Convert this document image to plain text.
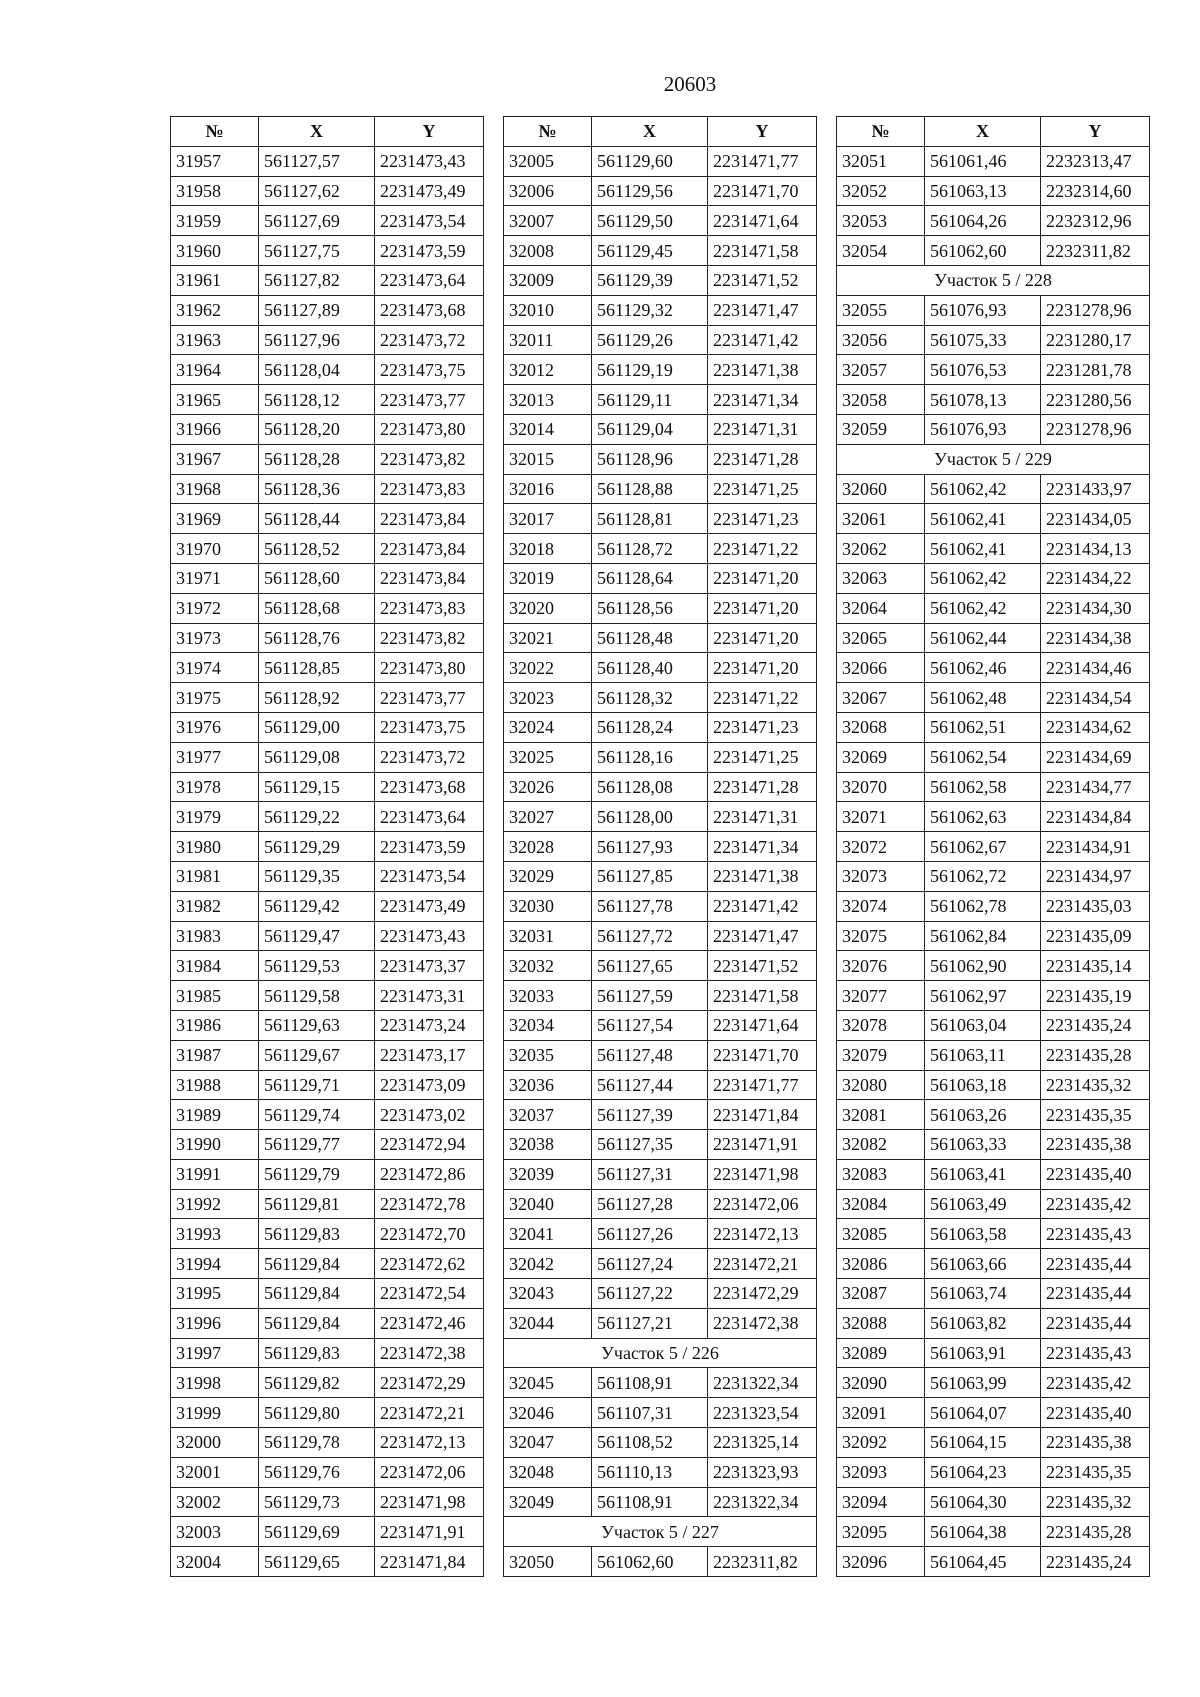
20603
№	X	Y
31957	561127,57	2231473,43
31958	561127,62	2231473,49
31959	561127,69	2231473,54
31960	561127,75	2231473,59
31961	561127,82	2231473,64
31962	561127,89	2231473,68
31963	561127,96	2231473,72
31964	561128,04	2231473,75
31965	561128,12	2231473,77
31966	561128,20	2231473,80
31967	561128,28	2231473,82
31968	561128,36	2231473,83
31969	561128,44	2231473,84
31970	561128,52	2231473,84
31971	561128,60	2231473,84
31972	561128,68	2231473,83
31973	561128,76	2231473,82
31974	561128,85	2231473,80
31975	561128,92	2231473,77
31976	561129,00	2231473,75
31977	561129,08	2231473,72
31978	561129,15	2231473,68
31979	561129,22	2231473,64
31980	561129,29	2231473,59
31981	561129,35	2231473,54
31982	561129,42	2231473,49
31983	561129,47	2231473,43
31984	561129,53	2231473,37
31985	561129,58	2231473,31
31986	561129,63	2231473,24
31987	561129,67	2231473,17
31988	561129,71	2231473,09
31989	561129,74	2231473,02
31990	561129,77	2231472,94
31991	561129,79	2231472,86
31992	561129,81	2231472,78
31993	561129,83	2231472,70
31994	561129,84	2231472,62
31995	561129,84	2231472,54
31996	561129,84	2231472,46
31997	561129,83	2231472,38
31998	561129,82	2231472,29
31999	561129,80	2231472,21
32000	561129,78	2231472,13
32001	561129,76	2231472,06
32002	561129,73	2231471,98
32003	561129,69	2231471,91
32004	561129,65	2231471,84
№	X	Y
32005	561129,60	2231471,77
32006	561129,56	2231471,70
32007	561129,50	2231471,64
32008	561129,45	2231471,58
32009	561129,39	2231471,52
32010	561129,32	2231471,47
32011	561129,26	2231471,42
32012	561129,19	2231471,38
32013	561129,11	2231471,34
32014	561129,04	2231471,31
32015	561128,96	2231471,28
32016	561128,88	2231471,25
32017	561128,81	2231471,23
32018	561128,72	2231471,22
32019	561128,64	2231471,20
32020	561128,56	2231471,20
32021	561128,48	2231471,20
32022	561128,40	2231471,20
32023	561128,32	2231471,22
32024	561128,24	2231471,23
32025	561128,16	2231471,25
32026	561128,08	2231471,28
32027	561128,00	2231471,31
32028	561127,93	2231471,34
32029	561127,85	2231471,38
32030	561127,78	2231471,42
32031	561127,72	2231471,47
32032	561127,65	2231471,52
32033	561127,59	2231471,58
32034	561127,54	2231471,64
32035	561127,48	2231471,70
32036	561127,44	2231471,77
32037	561127,39	2231471,84
32038	561127,35	2231471,91
32039	561127,31	2231471,98
32040	561127,28	2231472,06
32041	561127,26	2231472,13
32042	561127,24	2231472,21
32043	561127,22	2231472,29
32044	561127,21	2231472,38
Участок 5 / 226		
32045	561108,91	2231322,34
32046	561107,31	2231323,54
32047	561108,52	2231325,14
32048	561110,13	2231323,93
32049	561108,91	2231322,34
Участок 5 / 227		
32050	561062,60	2232311,82
№	X	Y
32051	561061,46	2232313,47
32052	561063,13	2232314,60
32053	561064,26	2232312,96
32054	561062,60	2232311,82
Участок 5 / 228		
32055	561076,93	2231278,96
32056	561075,33	2231280,17
32057	561076,53	2231281,78
32058	561078,13	2231280,56
32059	561076,93	2231278,96
Участок 5 / 229		
32060	561062,42	2231433,97
32061	561062,41	2231434,05
32062	561062,41	2231434,13
32063	561062,42	2231434,22
32064	561062,42	2231434,30
32065	561062,44	2231434,38
32066	561062,46	2231434,46
32067	561062,48	2231434,54
32068	561062,51	2231434,62
32069	561062,54	2231434,69
32070	561062,58	2231434,77
32071	561062,63	2231434,84
32072	561062,67	2231434,91
32073	561062,72	2231434,97
32074	561062,78	2231435,03
32075	561062,84	2231435,09
32076	561062,90	2231435,14
32077	561062,97	2231435,19
32078	561063,04	2231435,24
32079	561063,11	2231435,28
32080	561063,18	2231435,32
32081	561063,26	2231435,35
32082	561063,33	2231435,38
32083	561063,41	2231435,40
32084	561063,49	2231435,42
32085	561063,58	2231435,43
32086	561063,66	2231435,44
32087	561063,74	2231435,44
32088	561063,82	2231435,44
32089	561063,91	2231435,43
32090	561063,99	2231435,42
32091	561064,07	2231435,40
32092	561064,15	2231435,38
32093	561064,23	2231435,35
32094	561064,30	2231435,32
32095	561064,38	2231435,28
32096	561064,45	2231435,24
